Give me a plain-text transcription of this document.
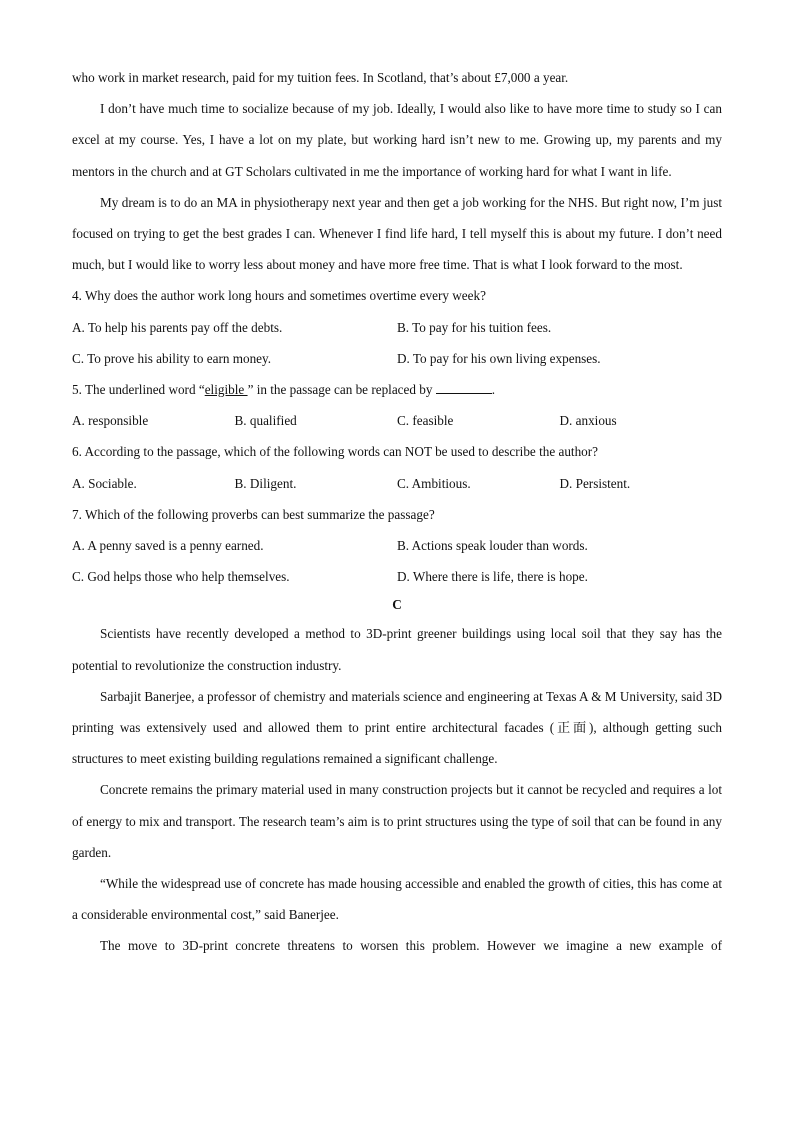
who work in market research, paid for my tuition fees. In Scotland, that’s about £7,000 a year.
I don’t have much time to socialize because of my job. Ideally, I would also like to have more time to study so I can excel at my course. Yes, I have a lot on my plate, but working hard isn’t new to me. Growing up, my parents and my mentors in the church and at GT Scholars cultivated in me the importance of working hard for what I want in life.
My dream is to do an MA in physiotherapy next year and then get a job working for the NHS. But right now, I’m just focused on trying to get the best grades I can. Whenever I find life hard, I tell myself this is about my future. I don’t need much, but I would like to worry less about money and have more free time. That is what I look forward to the most.
4. Why does the author work long hours and sometimes overtime every week?
A. To help his parents pay off the debts.	B. To pay for his tuition fees.
C. To prove his ability to earn money.	D. To pay for his own living expenses.
5. The underlined word “eligible ” in the passage can be replaced by	.
A. responsible	B. qualified	C. feasible	D. anxious
6. According to the passage, which of the following words can NOT be used to describe the author?
A. Sociable.	B. Diligent.	C. Ambitious.	D. Persistent.
7. Which of the following proverbs can best summarize the passage?
A. A penny saved is a penny earned.	B. Actions speak louder than words.
C. God helps those who help themselves.	D. Where there is life, there is hope.
C
Scientists have recently developed a method to 3D-print greener buildings using local soil that they say has the potential to revolutionize the construction industry.
Sarbajit Banerjee, a professor of chemistry and materials science and engineering at Texas A & M University, said 3D printing was extensively used and allowed them to print entire architectural facades (正面), although getting such structures to meet existing building regulations remained a significant challenge.
Concrete remains the primary material used in many construction projects but it cannot be recycled and requires a lot of energy to mix and transport. The research team’s aim is to print structures using the type of soil that can be found in any garden.
“While the widespread use of concrete has made housing accessible and enabled the growth of cities, this has come at a considerable environmental cost,” said Banerjee.
The move to 3D-print concrete threatens to worsen this problem. However we imagine a new example of
